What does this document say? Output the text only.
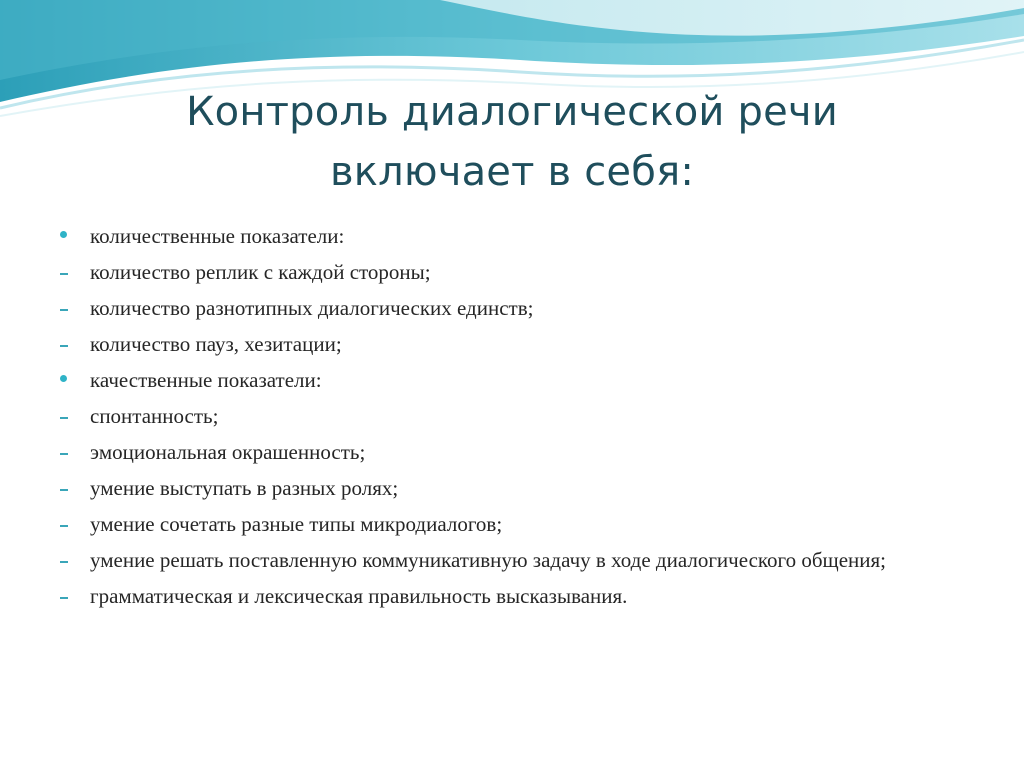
Контроль диалогической речи
включает в себя:
количественные показатели:
количество реплик с каждой стороны;
количество разнотипных диалогических единств;
количество пауз, хезитации;
качественные показатели:
спонтанность;
эмоциональная окрашенность;
умение выступать в разных ролях;
умение сочетать разные типы микродиалогов;
умение решать поставленную коммуникативную задачу в ходе диалогического общения;
грамматическая и лексическая правильность высказывания.
